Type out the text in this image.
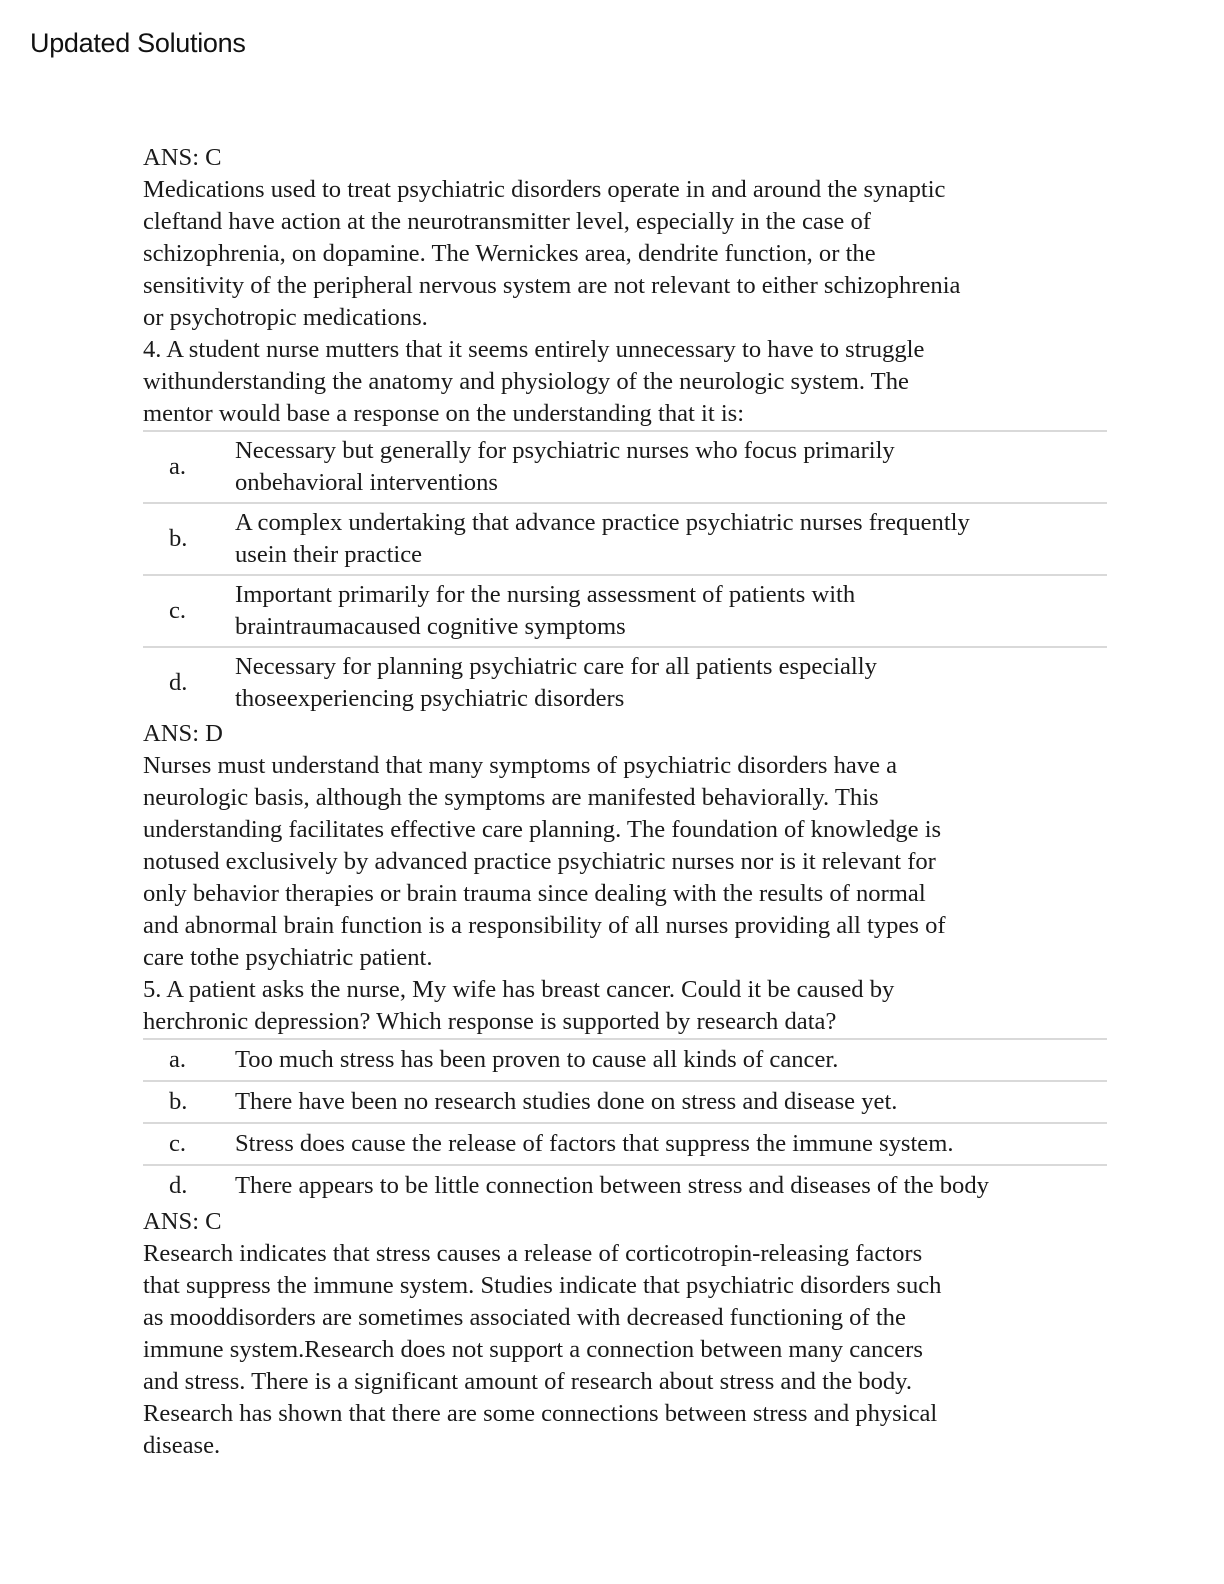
Updated Solutions
ANS: C
Medications used to treat psychiatric disorders operate in and around the synaptic
cleftand have action at the neurotransmitter level, especially in the case of
schizophrenia, on dopamine. The Wernickes area, dendrite function, or the
sensitivity of the peripheral nervous system are not relevant to either schizophrenia
or psychotropic medications.
4. A student nurse mutters that it seems entirely unnecessary to have to struggle
withunderstanding the anatomy and physiology of the neurologic system. The
mentor would base a response on the understanding that it is:
a.
Necessary but generally for psychiatric nurses who focus primarily
onbehavioral interventions
b.
A complex undertaking that advance practice psychiatric nurses frequently
usein their practice
c.
Important primarily for the nursing assessment of patients with
braintraumacaused cognitive symptoms
d.
Necessary for planning psychiatric care for all patients especially
thoseexperiencing psychiatric disorders
ANS: D
Nurses must understand that many symptoms of psychiatric disorders have a
neurologic basis, although the symptoms are manifested behaviorally. This
understanding facilitates effective care planning. The foundation of knowledge is
notused exclusively by advanced practice psychiatric nurses nor is it relevant for
only behavior therapies or brain trauma since dealing with the results of normal
and abnormal brain function is a responsibility of all nurses providing all types of
care tothe psychiatric patient.
5. A patient asks the nurse, My wife has breast cancer. Could it be caused by
herchronic depression? Which response is supported by research data?
a.	Too much stress has been proven to cause all kinds of cancer.
b.	There have been no research studies done on stress and disease yet.
c.	Stress does cause the release of factors that suppress the immune system.
d.	There appears to be little connection between stress and diseases of the body
ANS: C
Research indicates that stress causes a release of corticotropin-releasing factors
that suppress the immune system. Studies indicate that psychiatric disorders such
as mooddisorders are sometimes associated with decreased functioning of the
immune system.Research does not support a connection between many cancers
and stress. There is a significant amount of research about stress and the body.
Research has shown that there are some connections between stress and physical
disease.
